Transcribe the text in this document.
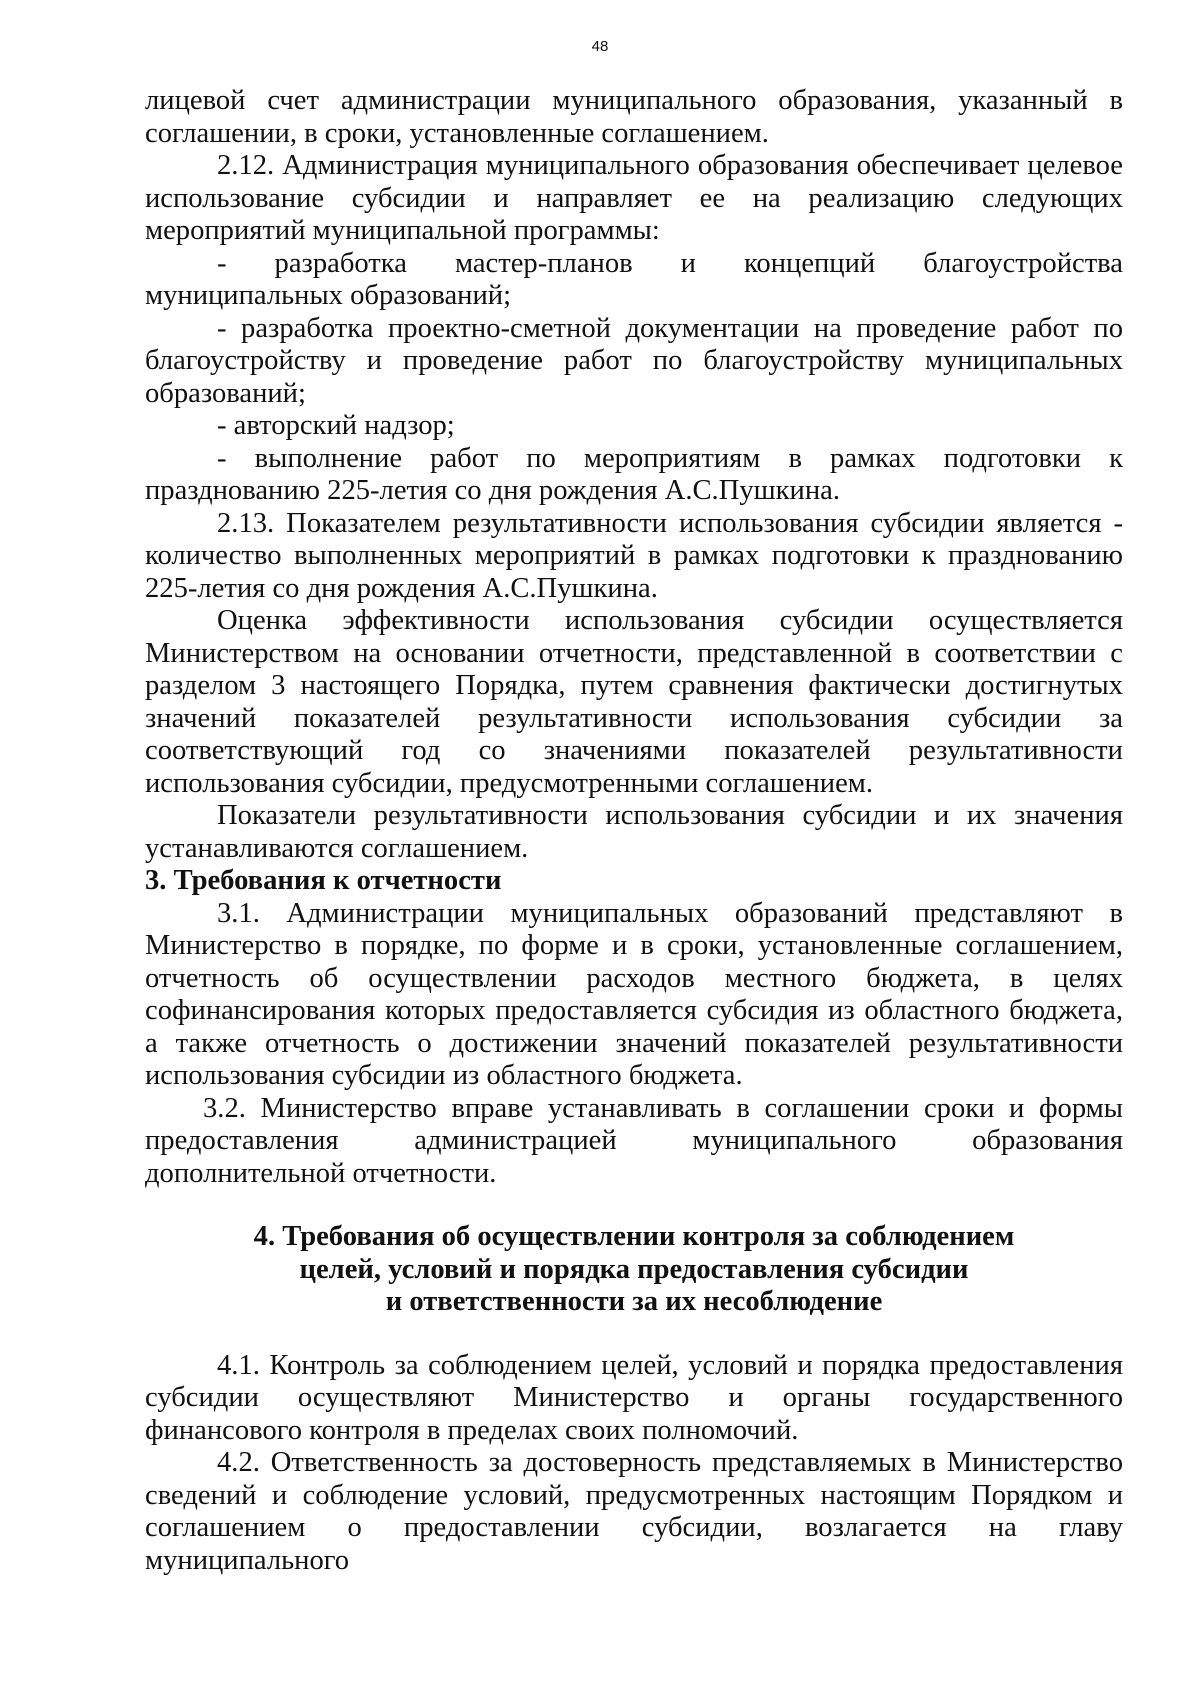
48

лицевой счет администрации муниципального образования, указанный в соглашении, в сроки, установленные соглашением.

2.12. Администрация муниципального образования обеспечивает целевое использование субсидии и направляет ее на реализацию следующих мероприятий муниципальной программы:

- разработка мастер-планов и концепций благоустройства муниципальных образований;

- разработка проектно-сметной документации на проведение работ по благоустройству и проведение работ по благоустройству муниципальных образований;

- авторский надзор;

- выполнение работ по мероприятиям в рамках подготовки к празднованию 225-летия со дня рождения А.С.Пушкина.

2.13. Показателем результативности использования субсидии является - количество выполненных мероприятий в рамках подготовки к празднованию 225-летия со дня рождения А.С.Пушкина.

Оценка эффективности использования субсидии осуществляется Министерством на основании отчетности, представленной в соответствии с разделом 3 настоящего Порядка, путем сравнения фактически достигнутых значений показателей результативности использования субсидии за соответствующий год со значениями показателей результативности использования субсидии, предусмотренными соглашением.

Показатели результативности использования субсидии и их значения устанавливаются соглашением.

3. Требования к отчетности

3.1. Администрации муниципальных образований представляют в Министерство в порядке, по форме и в сроки, установленные соглашением, отчетность об осуществлении расходов местного бюджета, в целях софинансирования которых предоставляется субсидия из областного бюджета, а также отчетность о достижении значений показателей результативности использования субсидии из областного бюджета.

3.2. Министерство вправе устанавливать в соглашении сроки и формы предоставления администрацией муниципального образования дополнительной отчетности.

4. Требования об осуществлении контроля за соблюдением
целей, условий и порядка предоставления субсидии
и ответственности за их несоблюдение

4.1. Контроль за соблюдением целей, условий и порядка предоставления субсидии осуществляют Министерство и органы государственного финансового контроля в пределах своих полномочий.

4.2. Ответственность за достоверность представляемых в Министерство сведений и соблюдение условий, предусмотренных настоящим Порядком и соглашением о предоставлении субсидии, возлагается на главу муниципального
